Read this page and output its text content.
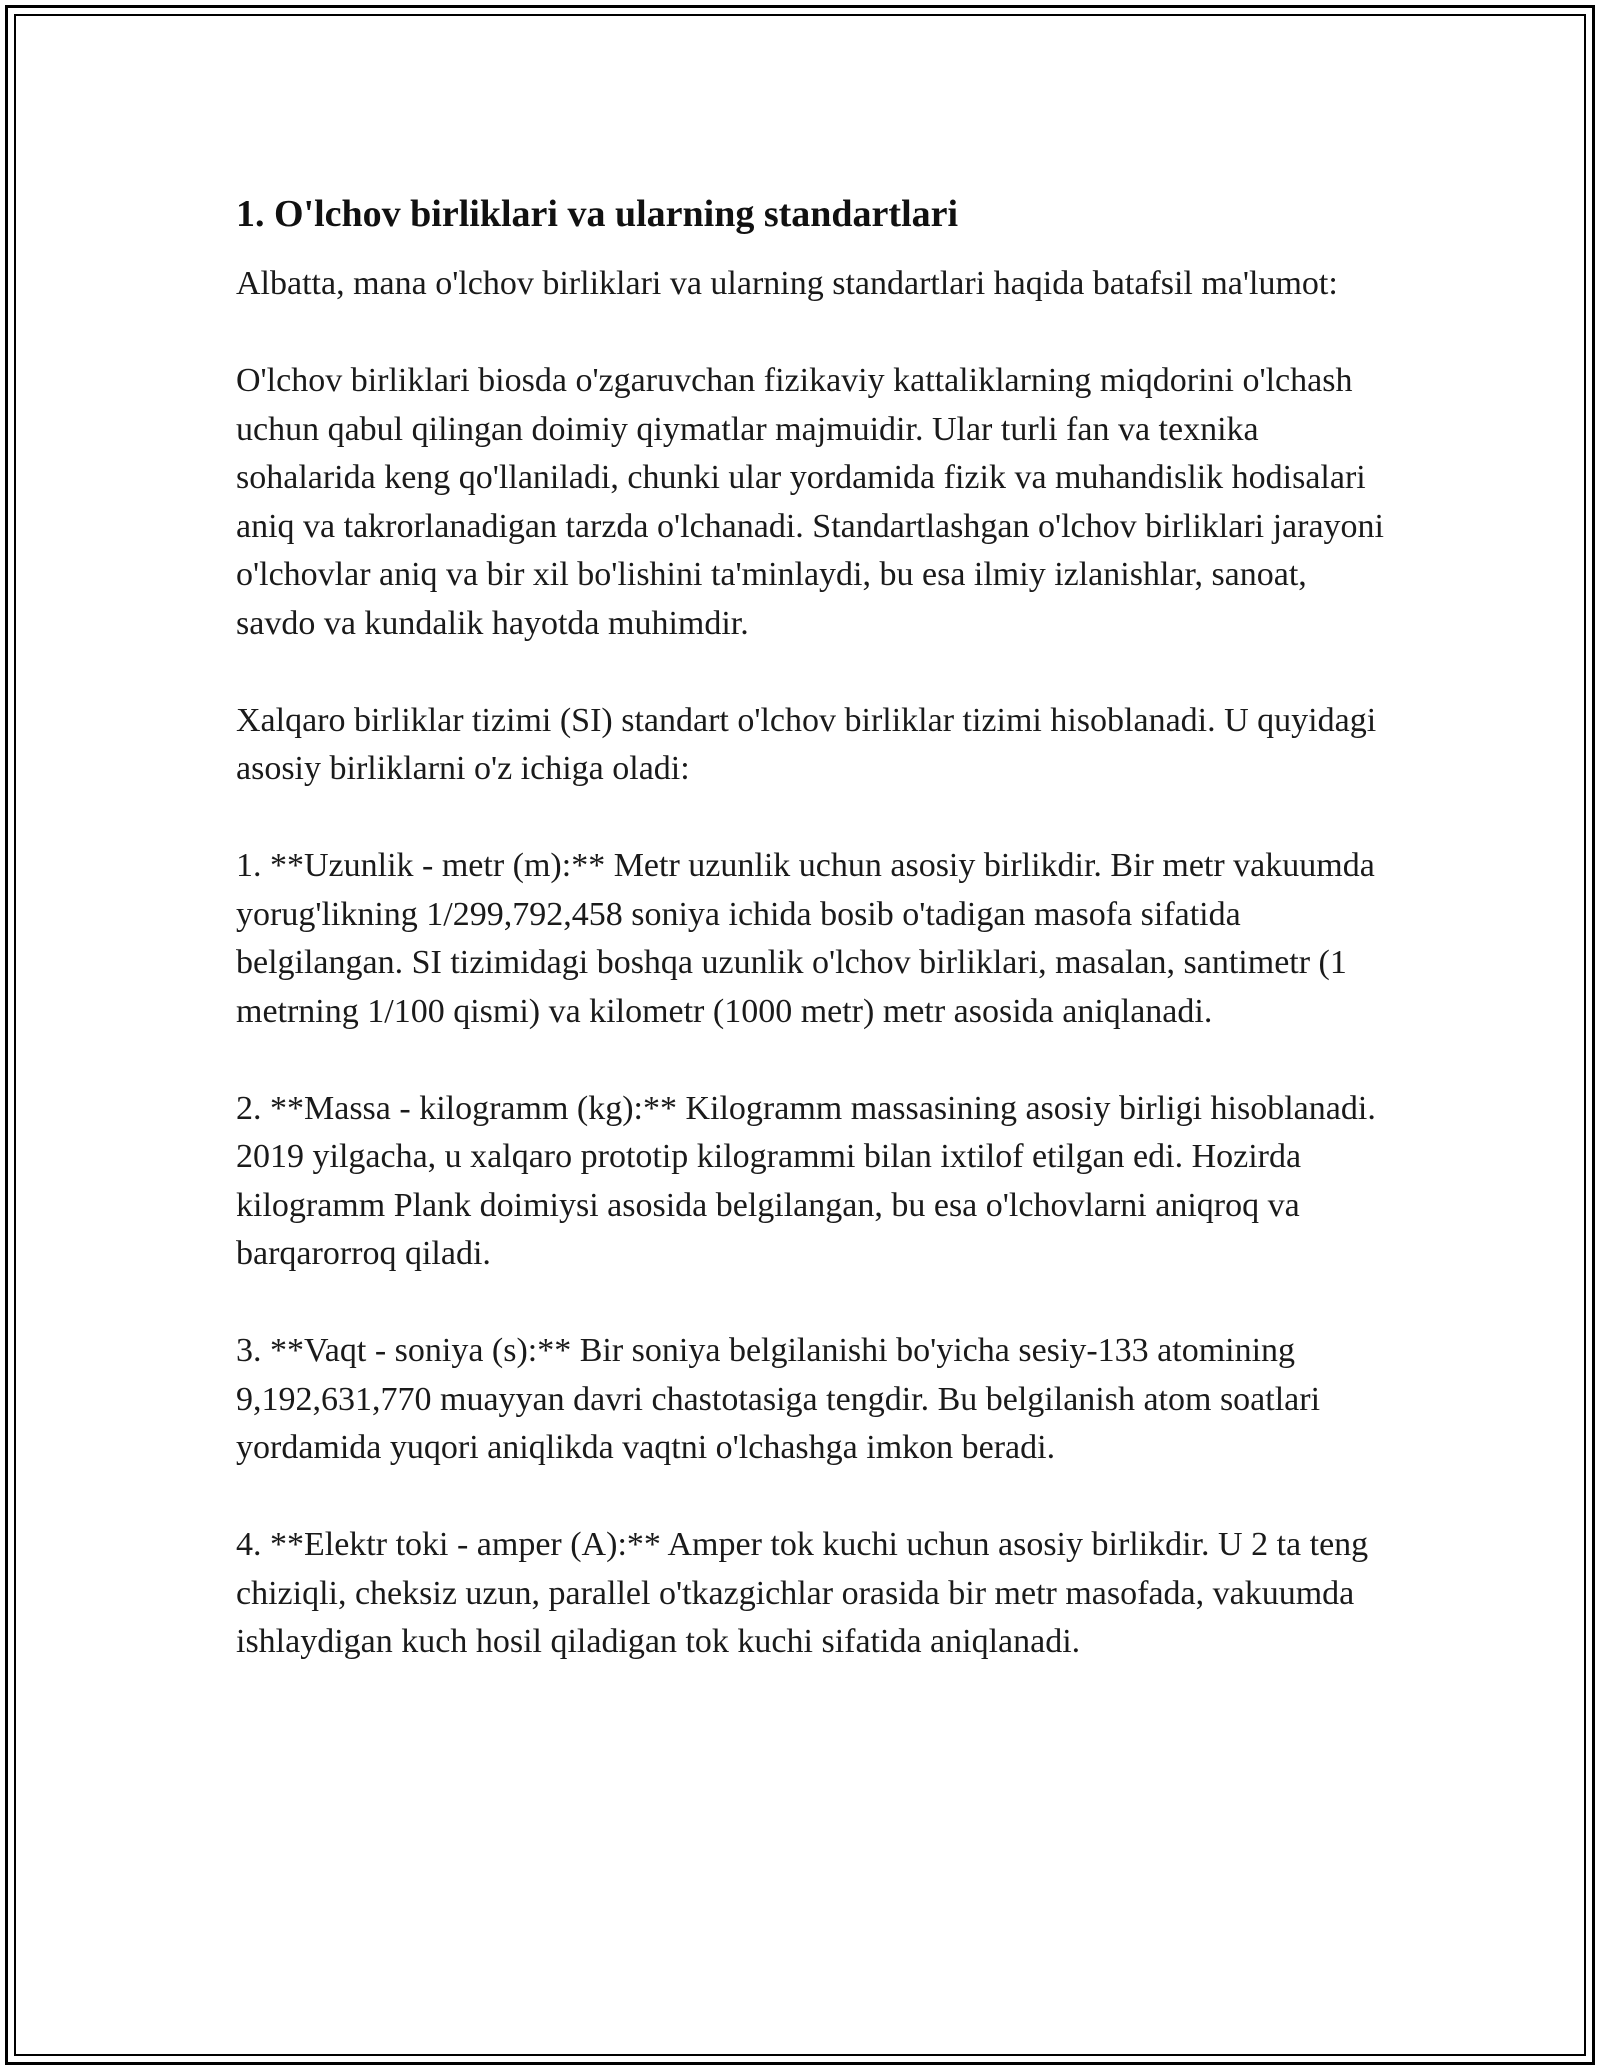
1. O'lchov birliklari va ularning standartlari

Albatta, mana o'lchov birliklari va ularning standartlari haqida batafsil ma'lumot:

O'lchov birliklari biosda o'zgaruvchan fizikaviy kattaliklarning miqdorini o'lchash uchun qabul qilingan doimiy qiymatlar majmuidir. Ular turli fan va texnika sohalarida keng qo'llaniladi, chunki ular yordamida fizik va muhandislik hodisalari aniq va takrorlanadigan tarzda o'lchanadi. Standartlashgan o'lchov birliklari jarayoni o'lchovlar aniq va bir xil bo'lishini ta'minlaydi, bu esa ilmiy izlanishlar, sanoat, savdo va kundalik hayotda muhimdir.

Xalqaro birliklar tizimi (SI) standart o'lchov birliklar tizimi hisoblanadi. U quyidagi asosiy birliklarni o'z ichiga oladi:

1. **Uzunlik - metr (m):** Metr uzunlik uchun asosiy birlikdir. Bir metr vakuumda yorug'likning 1/299,792,458 soniya ichida bosib o'tadigan masofa sifatida belgilangan. SI tizimidagi boshqa uzunlik o'lchov birliklari, masalan, santimetr (1 metrning 1/100 qismi) va kilometr (1000 metr) metr asosida aniqlanadi.

2. **Massa - kilogramm (kg):** Kilogramm massasining asosiy birligi hisoblanadi. 2019 yilgacha, u xalqaro prototip kilogrammi bilan ixtilof etilgan edi. Hozirda kilogramm Plank doimiysi asosida belgilangan, bu esa o'lchovlarni aniqroq va barqarorroq qiladi.

3. **Vaqt - soniya (s):** Bir soniya belgilanishi bo'yicha sesiy-133 atomining 9,192,631,770 muayyan davri chastotasiga tengdir. Bu belgilanish atom soatlari yordamida yuqori aniqlikda vaqtni o'lchashga imkon beradi.

4. **Elektr toki - amper (A):** Amper tok kuchi uchun asosiy birlikdir. U 2 ta teng chiziqli, cheksiz uzun, parallel o'tkazgichlar orasida bir metr masofada, vakuumda ishlaydigan kuch hosil qiladigan tok kuchi sifatida aniqlanadi.
